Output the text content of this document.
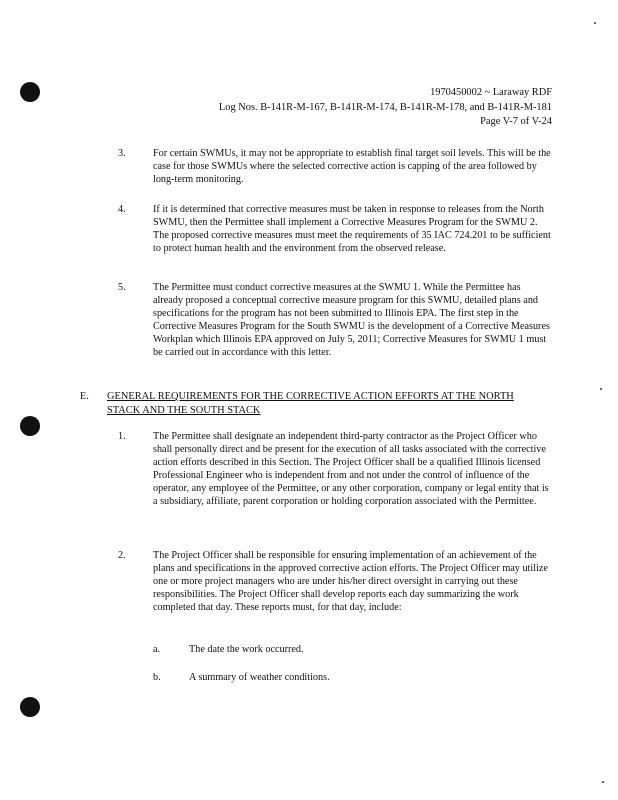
1970450002 ~ Laraway RDF
Log Nos. B-141R-M-167, B-141R-M-174, B-141R-M-178, and B-141R-M-181
Page V-7 of V-24
3.	For certain SWMUs, it may not be appropriate to establish final target soil levels. This will be the case for those SWMUs where the selected corrective action is capping of the area followed by long-term monitoring.

4.	If it is determined that corrective measures must be taken in response to releases from the North SWMU, then the Permittee shall implement a Corrective Measures Program for the SWMU 2. The proposed corrective measures must meet the requirements of 35 IAC 724.201 to be sufficient to protect human health and the environment from the observed release.

5.	The Permittee must conduct corrective measures at the SWMU 1. While the Permittee has already proposed a conceptual corrective measure program for this SWMU, detailed plans and specifications for the program has not been submitted to Illinois EPA. The first step in the Corrective Measures Program for the South SWMU is the development of a Corrective Measures Workplan which Illinois EPA approved on July 5, 2011; Corrective Measures for SWMU 1 must be carried out in accordance with this letter.

E. GENERAL REQUIREMENTS FOR THE CORRECTIVE ACTION EFFORTS AT THE NORTH STACK AND THE SOUTH STACK
1.	The Permittee shall designate an independent third-party contractor as the Project Officer who shall personally direct and be present for the execution of all tasks associated with the corrective action efforts described in this Section. The Project Officer shall be a qualified Illinois licensed Professional Engineer who is independent from and not under the control of influence of the operator, any employee of the Permittee, or any other corporation, company or legal entity that is a subsidiary, affiliate, parent corporation or holding corporation associated with the Permittee.

2.	The Project Officer shall be responsible for ensuring implementation of an achievement of the plans and specifications in the approved corrective action efforts. The Project Officer may utilize one or more project managers who are under his/her direct oversight in carrying out these responsibilities. The Project Officer shall develop reports each day summarizing the work completed that day. These reports must, for that day, include:

a.	The date the work occurred.
b.	A summary of weather conditions.
